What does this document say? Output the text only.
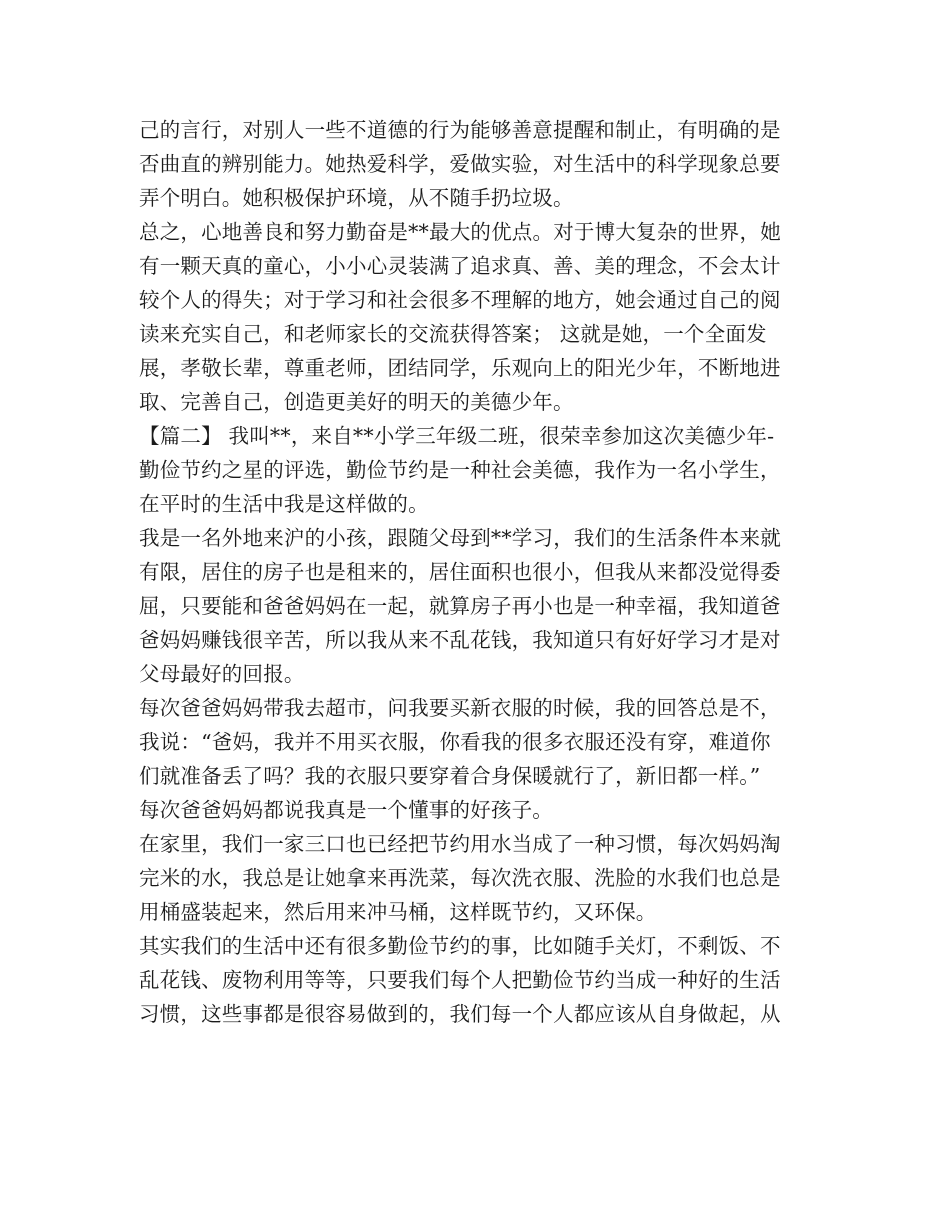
己的言行，对别人一些不道德的行为能够善意提醒和制止，有明确的是
否曲直的辨别能力。她热爱科学，爱做实验，对生活中的科学现象总要
弄个明白。她积极保护环境，从不随手扔垃圾。
总之，心地善良和努力勤奋是**最大的优点。对于博大复杂的世界，她
有一颗天真的童心，小小心灵装满了追求真、善、美的理念，不会太计
较个人的得失；对于学习和社会很多不理解的地方，她会通过自己的阅
读来充实自己，和老师家长的交流获得答案； 这就是她，一个全面发
展，孝敬长辈，尊重老师，团结同学，乐观向上的阳光少年，不断地进
取、完善自己，创造更美好的明天的美德少年。
【篇二】 我叫**，来自**小学三年级二班，很荣幸参加这次美德少年-
勤俭节约之星的评选，勤俭节约是一种社会美德，我作为一名小学生，
在平时的生活中我是这样做的。
我是一名外地来沪的小孩，跟随父母到**学习，我们的生活条件本来就
有限，居住的房子也是租来的，居住面积也很小，但我从来都没觉得委
屈，只要能和爸爸妈妈在一起，就算房子再小也是一种幸福，我知道爸
爸妈妈赚钱很辛苦，所以我从来不乱花钱，我知道只有好好学习才是对
父母最好的回报。
每次爸爸妈妈带我去超市，问我要买新衣服的时候，我的回答总是不，
我说：“爸妈，我并不用买衣服，你看我的很多衣服还没有穿，难道你
们就准备丢了吗？我的衣服只要穿着合身保暖就行了，新旧都一样。”
每次爸爸妈妈都说我真是一个懂事的好孩子。
在家里，我们一家三口也已经把节约用水当成了一种习惯，每次妈妈淘
完米的水，我总是让她拿来再洗菜，每次洗衣服、洗脸的水我们也总是
用桶盛装起来，然后用来冲马桶，这样既节约，又环保。
其实我们的生活中还有很多勤俭节约的事，比如随手关灯，不剩饭、不
乱花钱、废物利用等等，只要我们每个人把勤俭节约当成一种好的生活
习惯，这些事都是很容易做到的，我们每一个人都应该从自身做起，从
